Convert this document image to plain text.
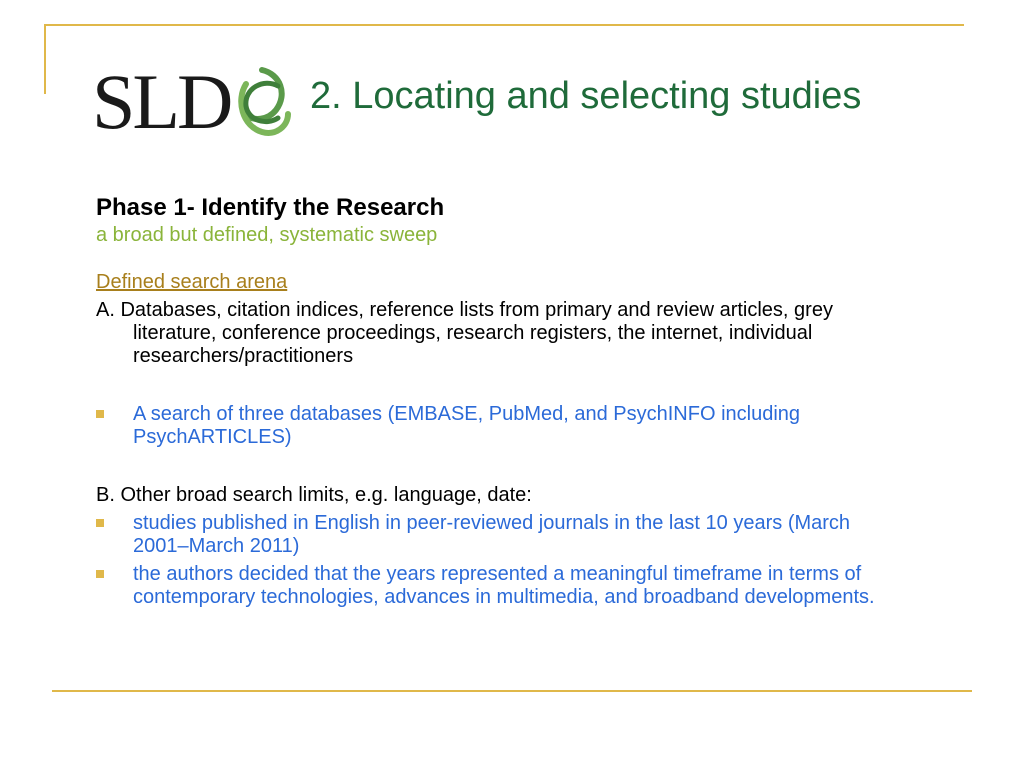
SLD 2. Locating and selecting studies
Phase 1- Identify the Research
a broad but defined, systematic sweep
Defined search arena
A. Databases, citation indices, reference lists from primary and review articles, grey literature, conference proceedings, research registers, the internet, individual researchers/practitioners
A search of three databases (EMBASE, PubMed, and PsychINFO including PsychARTICLES)
B. Other broad search limits, e.g. language, date:
studies published in English in peer-reviewed journals in the last 10 years (March 2001–March 2011)
the authors decided that the years represented a meaningful timeframe in terms of contemporary technologies, advances in multimedia, and broadband developments.
